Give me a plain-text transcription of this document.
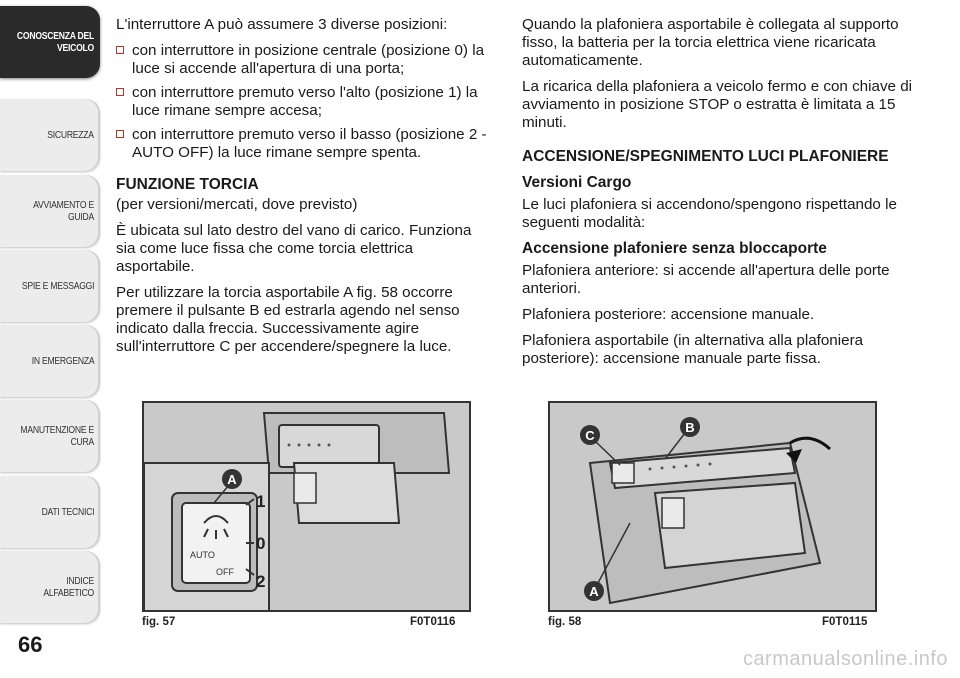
CONOSCENZA DEL VEICOLO
SICUREZZA
AVVIAMENTO E GUIDA
SPIE E MESSAGGI
IN EMERGENZA
MANUTENZIONE E CURA
DATI TECNICI
INDICE ALFABETICO
66

L'interruttore A può assumere 3 diverse posizioni:

con interruttore in posizione centrale (posizione 0) la luce si accende all'apertura di una porta;
con interruttore premuto verso l'alto (posizione 1) la luce rimane sempre accesa;
con interruttore premuto verso il basso (posizione 2 - AUTO OFF) la luce rimane sempre spenta.
FUNZIONE TORCIA

(per versioni/mercati, dove previsto)

È ubicata sul lato destro del vano di carico. Funziona sia come luce fissa che come torcia elettrica asportabile.

Per utilizzare la torcia asportabile A fig. 58 occorre premere il pulsante B ed estrarla agendo nel senso indicato dalla freccia. Successivamente agire sull'interruttore C per accendere/spegnere la luce.

Quando la plafoniera asportabile è collegata al supporto fisso, la batteria per la torcia elettrica viene ricaricata automaticamente.

La ricarica della plafoniera a veicolo fermo e con chiave di avviamento in posizione STOP o estratta è limitata a 15 minuti.

ACCENSIONE/SPEGNIMENTO LUCI PLAFONIERE
Versioni Cargo

Le luci plafoniera si accendono/spengono rispettando le seguenti modalità:

Accensione plafoniere senza bloccaporte

Plafoniera anteriore: si accende all'apertura delle porte anteriori.

Plafoniera posteriore: accensione manuale.

Plafoniera asportabile (in alternativa alla plafoniera posteriore): accensione manuale parte fissa.

AUTO
OFF
A
1
0
2
fig. 57	F0T0116
C
B
A
fig. 58	F0T0115
carmanualsonline.info
